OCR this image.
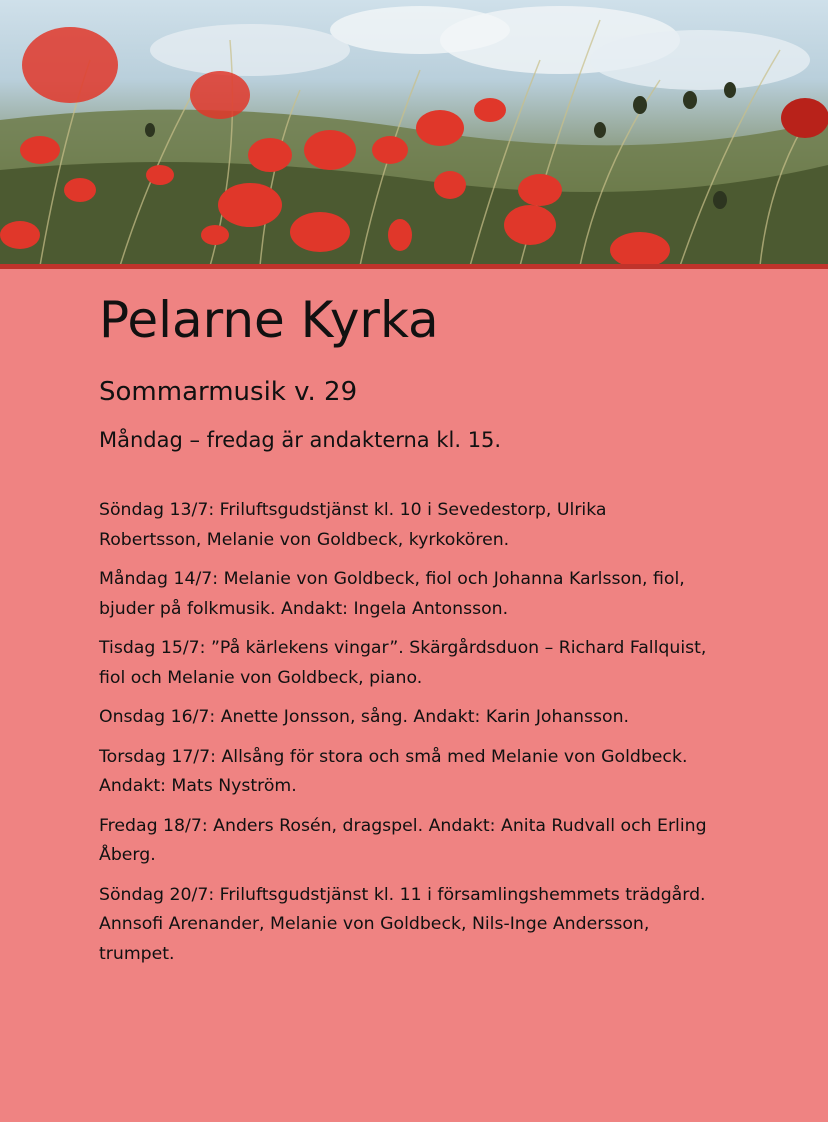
Pelarne Kyrka
Sommarmusik v. 29
Måndag – fredag är andakterna kl. 15.

Söndag 13/7: Friluftsgudstjänst kl. 10 i Sevedestorp, Ulrika
Robertsson, Melanie von Goldbeck, kyrkokören.

Måndag 14/7: Melanie von Goldbeck, fiol och Johanna Karlsson, fiol,
bjuder på folkmusik. Andakt: Ingela Antonsson.

Tisdag 15/7: ”På kärlekens vingar”. Skärgårdsduon – Richard Fallquist,
fiol och Melanie von Goldbeck, piano.

Onsdag 16/7: Anette Jonsson, sång. Andakt: Karin Johansson.

Torsdag 17/7: Allsång för stora och små med Melanie von Goldbeck.
Andakt: Mats Nyström.

Fredag 18/7: Anders Rosén, dragspel. Andakt: Anita Rudvall och Erling
Åberg.

Söndag 20/7: Friluftsgudstjänst kl. 11 i församlingshemmets trädgård.
Annsofi Arenander, Melanie von Goldbeck, Nils-Inge Andersson,
trumpet.
